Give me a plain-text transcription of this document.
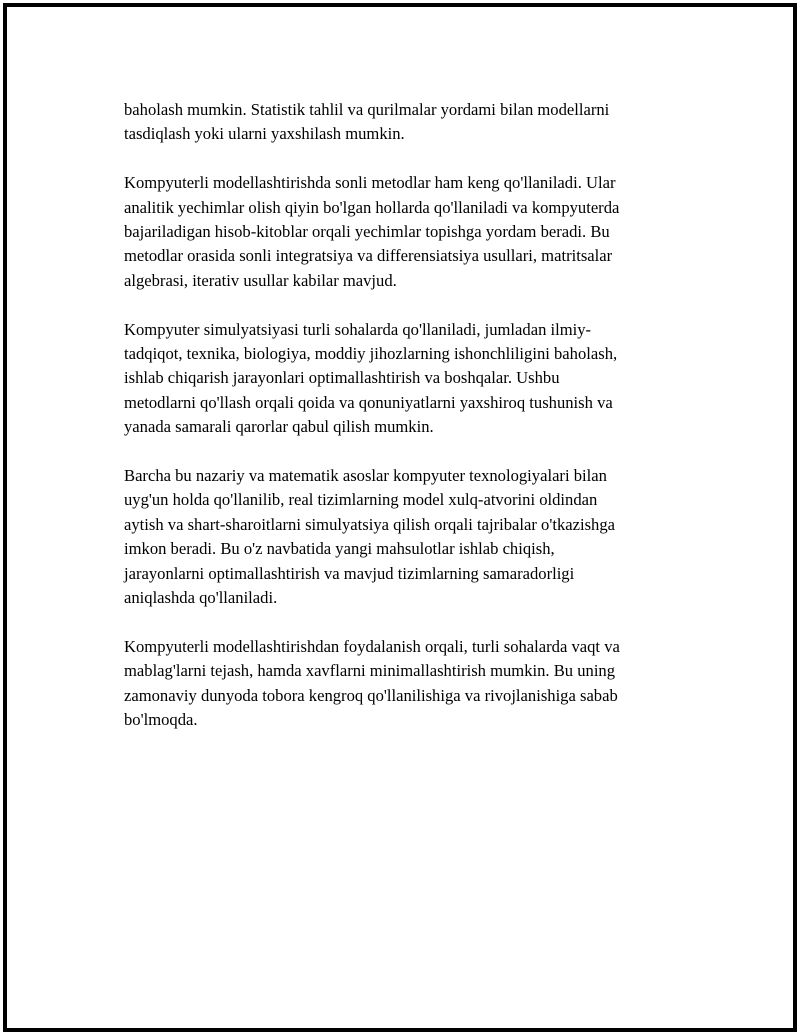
baholash mumkin. Statistik tahlil va qurilmalar yordami bilan modellarni
tasdiqlash yoki ularni yaxshilash mumkin.

Kompyuterli modellashtirishda sonli metodlar ham keng qo'llaniladi. Ular
analitik yechimlar olish qiyin bo'lgan hollarda qo'llaniladi va kompyuterda
bajariladigan hisob-kitoblar orqali yechimlar topishga yordam beradi. Bu
metodlar orasida sonli integratsiya va differensiatsiya usullari, matritsalar
algebrasi, iterativ usullar kabilar mavjud.

Kompyuter simulyatsiyasi turli sohalarda qo'llaniladi, jumladan ilmiy-
tadqiqot, texnika, biologiya, moddiy jihozlarning ishonchliligini baholash,
ishlab chiqarish jarayonlari optimallashtirish va boshqalar. Ushbu
metodlarni qo'llash orqali qoida va qonuniyatlarni yaxshiroq tushunish va
yanada samarali qarorlar qabul qilish mumkin.

Barcha bu nazariy va matematik asoslar kompyuter texnologiyalari bilan
uyg'un holda qo'llanilib, real tizimlarning model xulq-atvorini oldindan
aytish va shart-sharoitlarni simulyatsiya qilish orqali tajribalar o'tkazishga
imkon beradi. Bu o'z navbatida yangi mahsulotlar ishlab chiqish,
jarayonlarni optimallashtirish va mavjud tizimlarning samaradorligi
aniqlashda qo'llaniladi.

Kompyuterli modellashtirishdan foydalanish orqali, turli sohalarda vaqt va
mablag'larni tejash, hamda xavflarni minimallashtirish mumkin. Bu uning
zamonaviy dunyoda tobora kengroq qo'llanilishiga va rivojlanishiga sabab
bo'lmoqda.
